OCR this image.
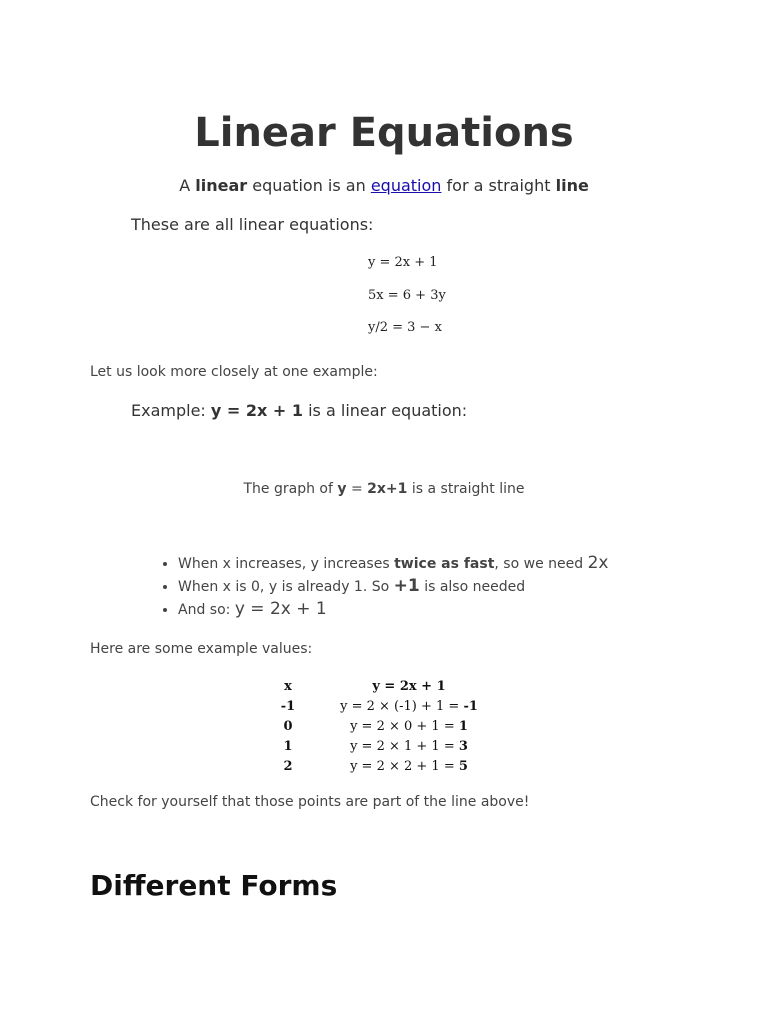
Linear Equations
A linear equation is an equation for a straight line
These are all linear equations:
y = 2x + 1
5x = 6 + 3y
y/2 = 3 − x
Let us look more closely at one example:
Example: y = 2x + 1 is a linear equation:
The graph of y = 2x+1 is a straight line
• When x increases, y increases twice as fast, so we need 2x
• When x is 0, y is already 1. So +1 is also needed
• And so: y = 2x + 1
Here are some example values:
x	y = 2x + 1
-1	y = 2 × (-1) + 1 = -1
0	y = 2 × 0 + 1 = 1
1	y = 2 × 1 + 1 = 3
2	y = 2 × 2 + 1 = 5
Check for yourself that those points are part of the line above!
Different Forms
